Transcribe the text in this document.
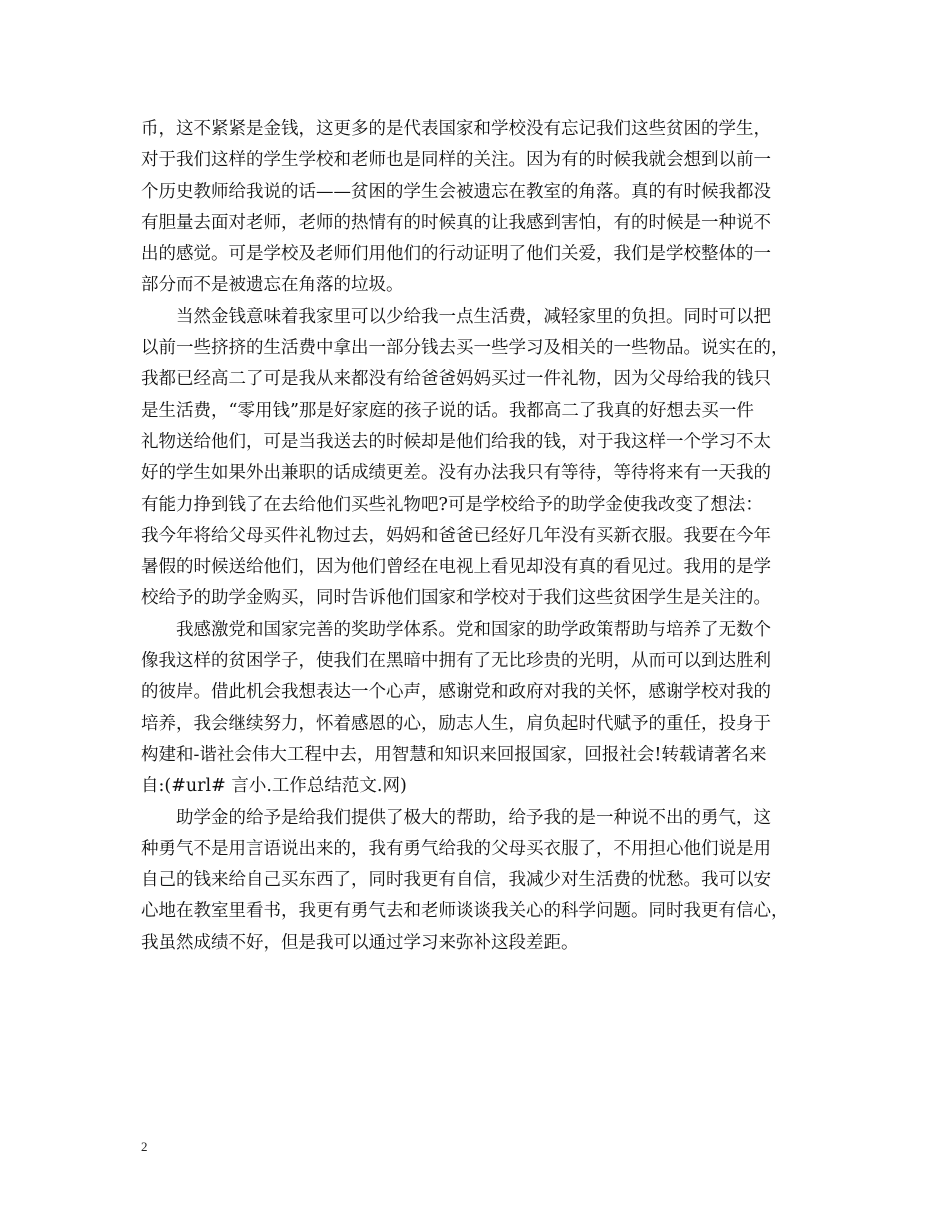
币，这不紧紧是金钱，这更多的是代表国家和学校没有忘记我们这些贫困的学生，
对于我们这样的学生学校和老师也是同样的关注。因为有的时候我就会想到以前一
个历史教师给我说的话——贫困的学生会被遗忘在教室的角落。真的有时候我都没
有胆量去面对老师，老师的热情有的时候真的让我感到害怕，有的时候是一种说不
出的感觉。可是学校及老师们用他们的行动证明了他们关爱，我们是学校整体的一
部分而不是被遗忘在角落的垃圾。
当然金钱意味着我家里可以少给我一点生活费，减轻家里的负担。同时可以把
以前一些挤挤的生活费中拿出一部分钱去买一些学习及相关的一些物品。说实在的，
我都已经高二了可是我从来都没有给爸爸妈妈买过一件礼物，因为父母给我的钱只
是生活费，“零用钱”那是好家庭的孩子说的话。我都高二了我真的好想去买一件
礼物送给他们，可是当我送去的时候却是他们给我的钱，对于我这样一个学习不太
好的学生如果外出兼职的话成绩更差。没有办法我只有等待，等待将来有一天我的
有能力挣到钱了在去给他们买些礼物吧?可是学校给予的助学金使我改变了想法：
我今年将给父母买件礼物过去，妈妈和爸爸已经好几年没有买新衣服。我要在今年
暑假的时候送给他们，因为他们曾经在电视上看见却没有真的看见过。我用的是学
校给予的助学金购买，同时告诉他们国家和学校对于我们这些贫困学生是关注的。
我感激党和国家完善的奖助学体系。党和国家的助学政策帮助与培养了无数个
像我这样的贫困学子，使我们在黑暗中拥有了无比珍贵的光明，从而可以到达胜利
的彼岸。借此机会我想表达一个心声，感谢党和政府对我的关怀，感谢学校对我的
培养，我会继续努力，怀着感恩的心，励志人生，肩负起时代赋予的重任，投身于
构建和-谐社会伟大工程中去，用智慧和知识来回报国家，回报社会!转载请著名来
自:(#url# 言小.工作总结范文.网)
助学金的给予是给我们提供了极大的帮助，给予我的是一种说不出的勇气，这
种勇气不是用言语说出来的，我有勇气给我的父母买衣服了，不用担心他们说是用
自己的钱来给自己买东西了，同时我更有自信，我减少对生活费的忧愁。我可以安
心地在教室里看书，我更有勇气去和老师谈谈我关心的科学问题。同时我更有信心，
我虽然成绩不好，但是我可以通过学习来弥补这段差距。
2
